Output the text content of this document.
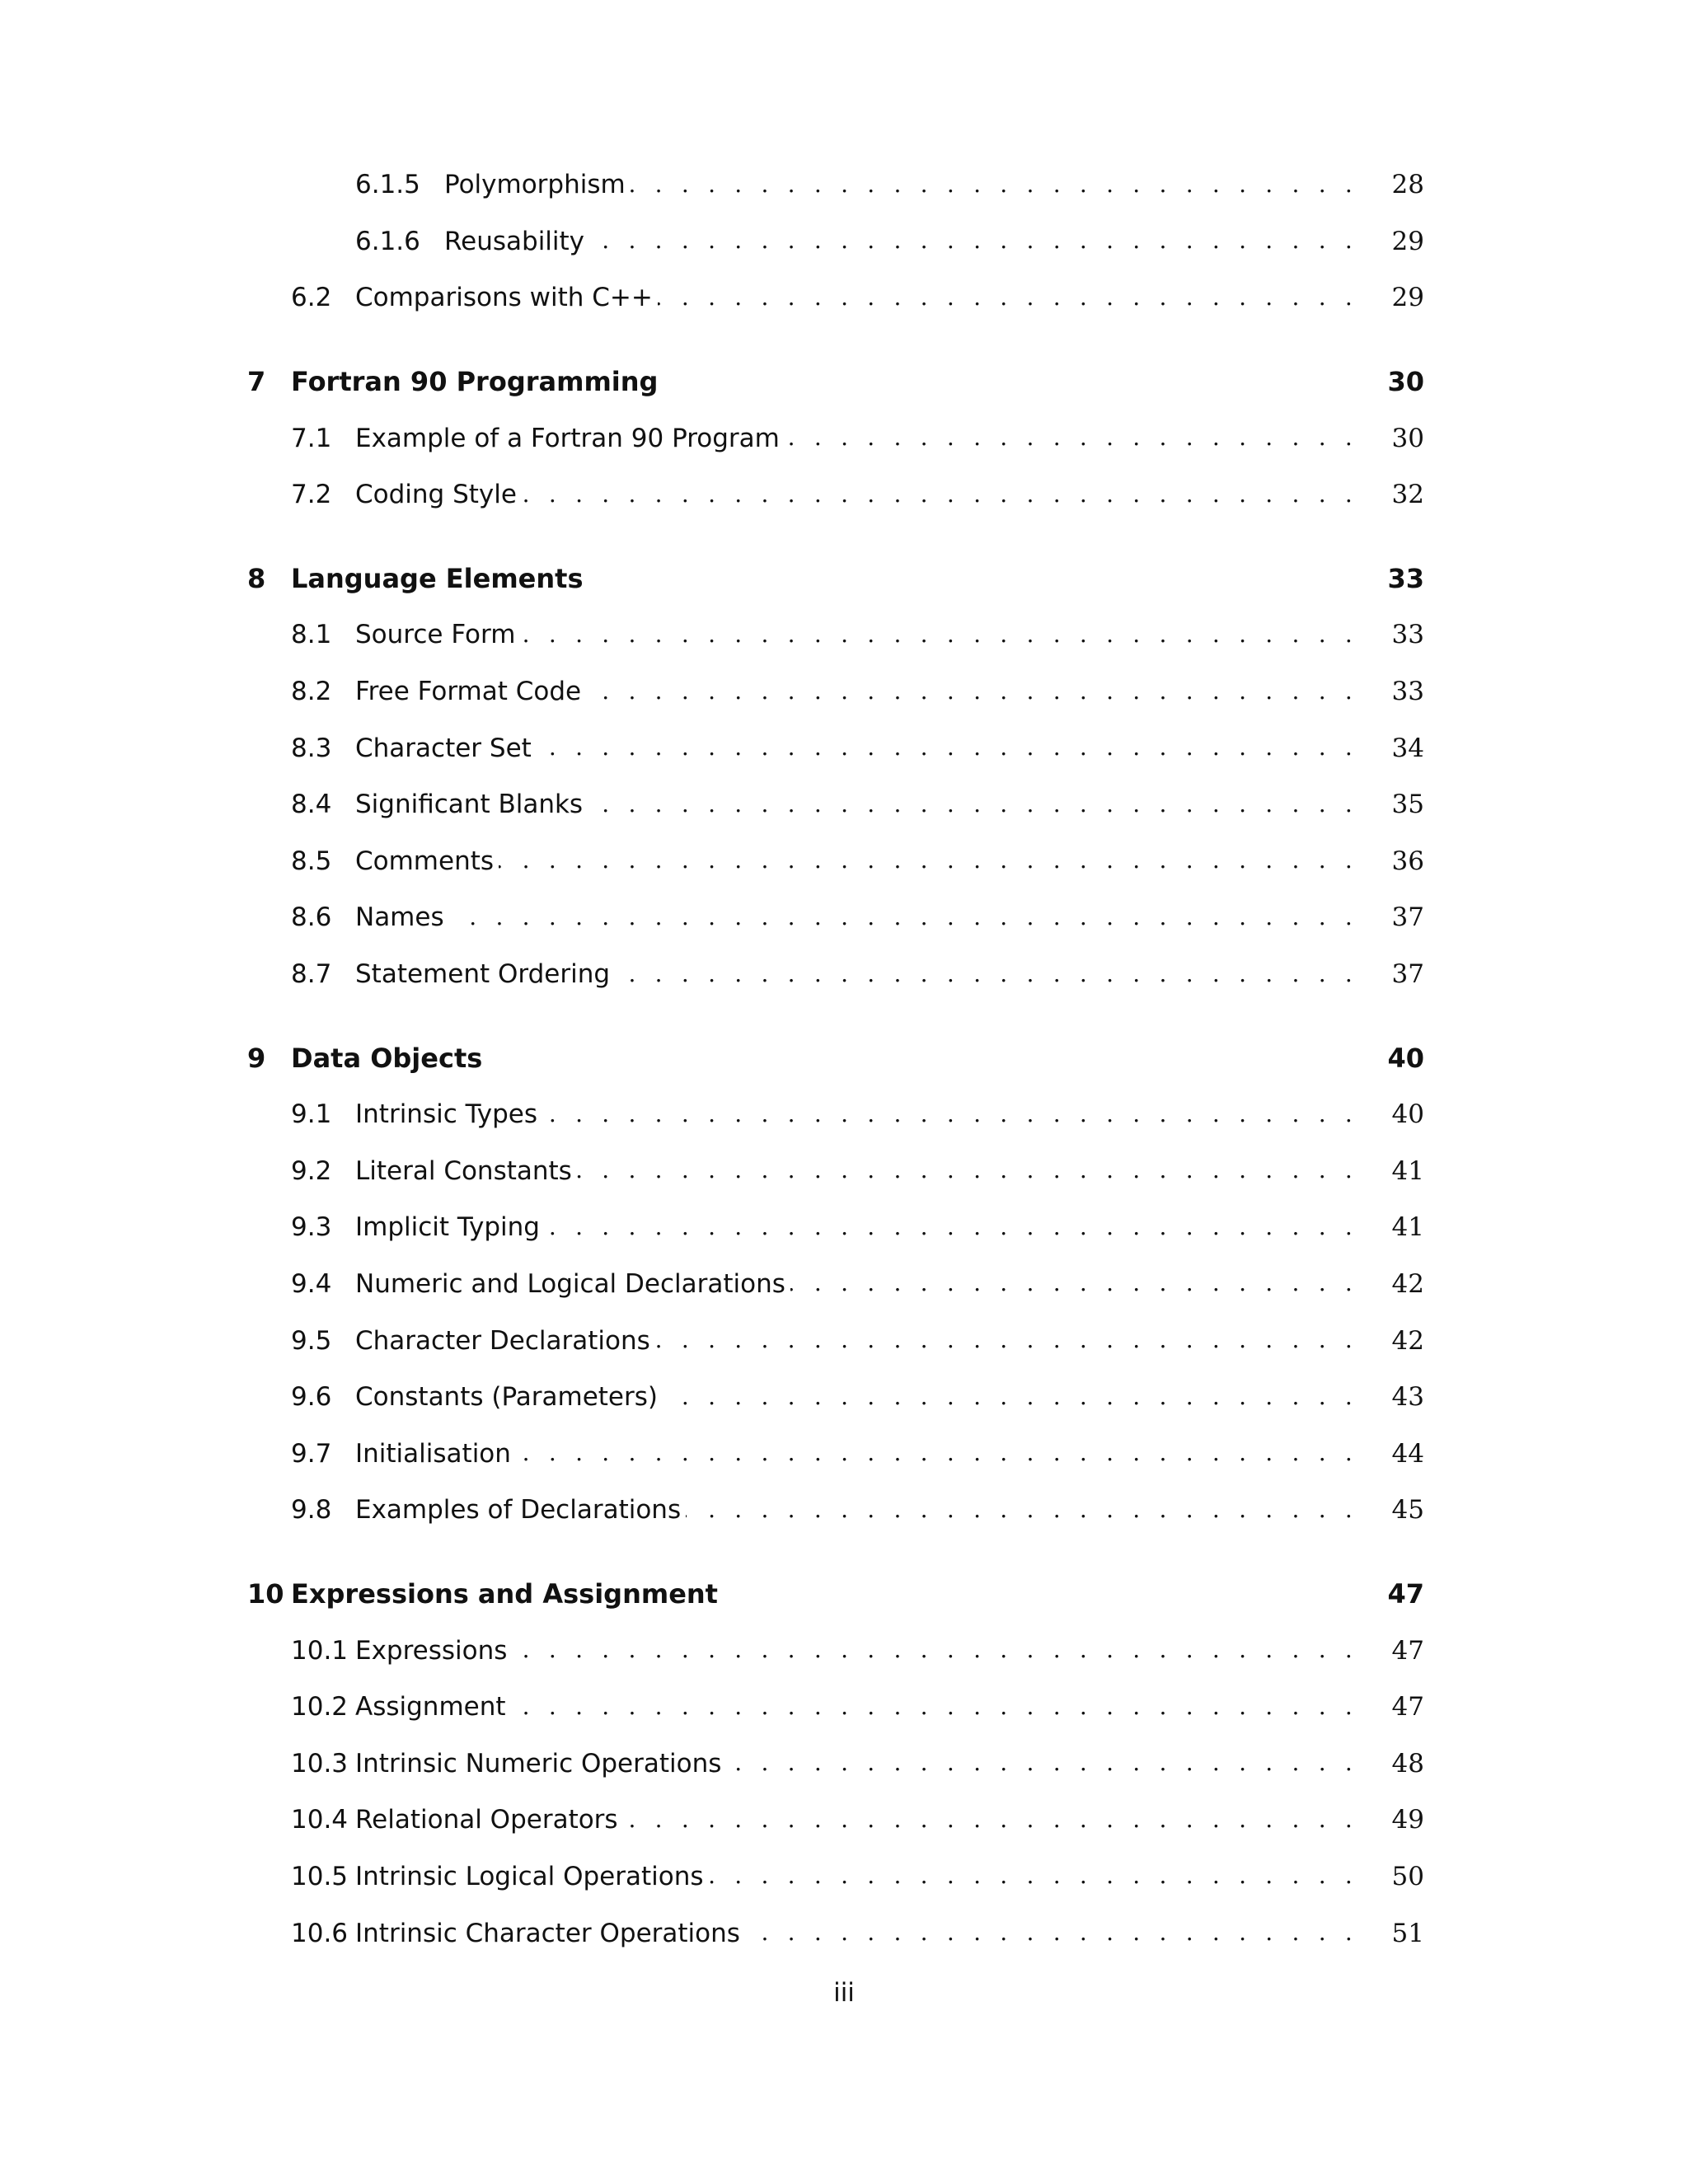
6.1.5 Polymorphism . . .	28
6.1.6 Reusability . . .	29
6.2 Comparisons with C++ . . .	29
7 Fortran 90 Programming	30
7.1 Example of a Fortran 90 Program . . .	30
7.2 Coding Style . . .	32
8 Language Elements	33
8.1 Source Form . . .	33
8.2 Free Format Code . . .	33
8.3 Character Set . . .	34
8.4 Significant Blanks . . .	35
8.5 Comments . . .	36
8.6 Names . . .	37
8.7 Statement Ordering . . .	37
9 Data Objects	40
9.1 Intrinsic Types . . .	40
9.2 Literal Constants . . .	41
9.3 Implicit Typing . . .	41
9.4 Numeric and Logical Declarations . . .	42
9.5 Character Declarations . . .	42
9.6 Constants (Parameters) . . .	43
9.7 Initialisation . . .	44
9.8 Examples of Declarations . . .	45
10 Expressions and Assignment	47
10.1 Expressions . . .	47
10.2 Assignment . . .	47
10.3 Intrinsic Numeric Operations . . .	48
10.4 Relational Operators . . .	49
10.5 Intrinsic Logical Operations . . .	50
10.6 Intrinsic Character Operations . . .	51
iii
